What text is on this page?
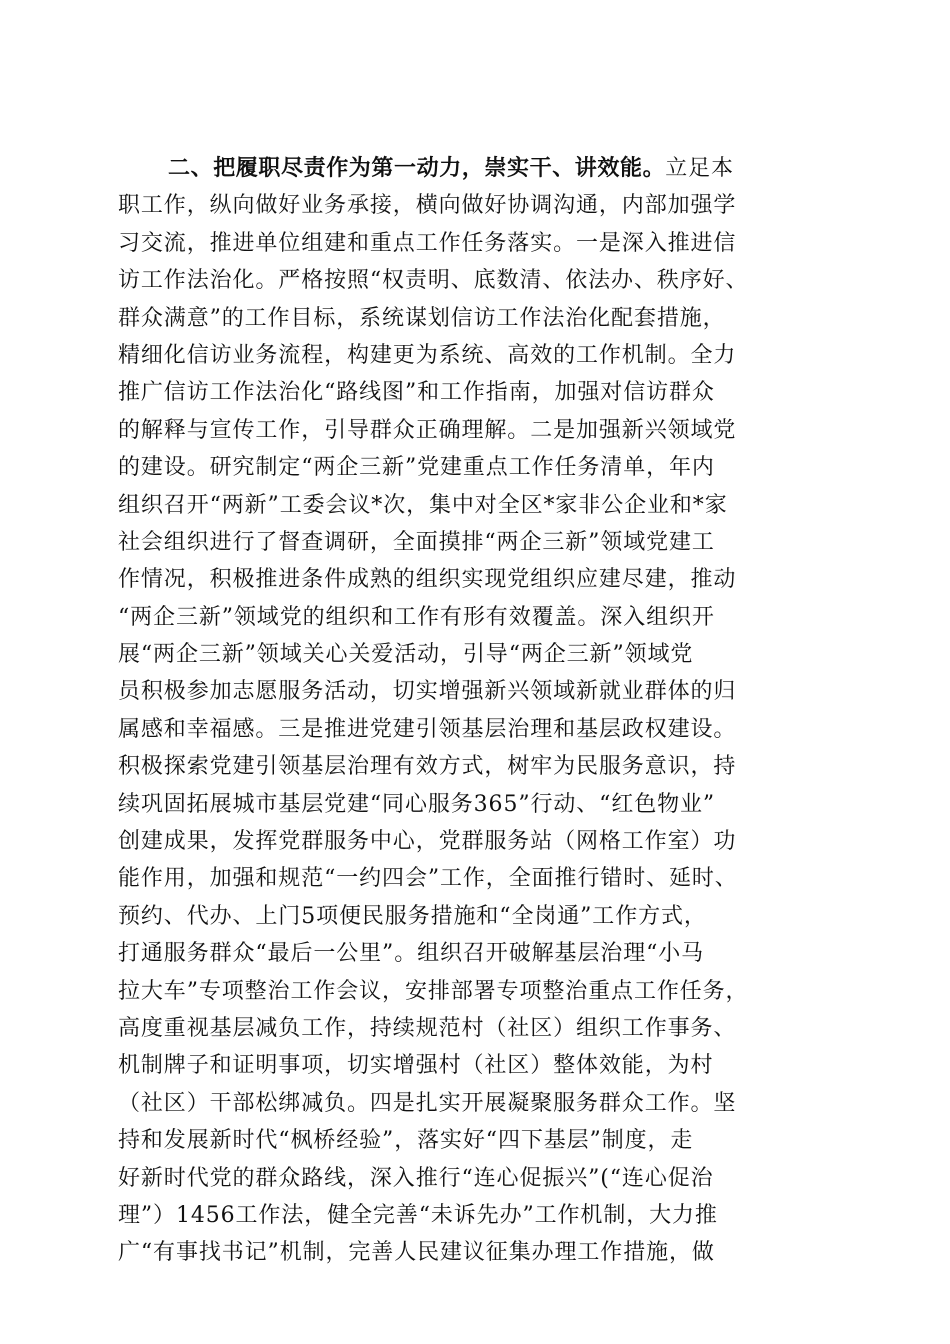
二、把履职尽责作为第一动力，崇实干、讲效能。立足本
职工作，纵向做好业务承接，横向做好协调沟通，内部加强学
习交流，推进单位组建和重点工作任务落实。一是深入推进信
访工作法治化。严格按照“权责明、底数清、依法办、秩序好、
群众满意”的工作目标，系统谋划信访工作法治化配套措施，
精细化信访业务流程，构建更为系统、高效的工作机制。全力
推广信访工作法治化“路线图”和工作指南，加强对信访群众
的解释与宣传工作，引导群众正确理解。二是加强新兴领域党
的建设。研究制定“两企三新”党建重点工作任务清单，年内
组织召开“两新”工委会议*次，集中对全区*家非公企业和*家
社会组织进行了督查调研，全面摸排“两企三新”领域党建工
作情况，积极推进条件成熟的组织实现党组织应建尽建，推动
“两企三新”领域党的组织和工作有形有效覆盖。深入组织开
展“两企三新”领域关心关爱活动，引导“两企三新”领域党
员积极参加志愿服务活动，切实增强新兴领域新就业群体的归
属感和幸福感。三是推进党建引领基层治理和基层政权建设。
积极探索党建引领基层治理有效方式，树牢为民服务意识，持
续巩固拓展城市基层党建“同心服务365”行动、“红色物业”
创建成果，发挥党群服务中心，党群服务站（网格工作室）功
能作用，加强和规范“一约四会”工作，全面推行错时、延时、
预约、代办、上门5项便民服务措施和“全岗通”工作方式，
打通服务群众“最后一公里”。组织召开破解基层治理“小马
拉大车”专项整治工作会议，安排部署专项整治重点工作任务，
高度重视基层减负工作，持续规范村（社区）组织工作事务、
机制牌子和证明事项，切实增强村（社区）整体效能，为村
（社区）干部松绑减负。四是扎实开展凝聚服务群众工作。坚
持和发展新时代“枫桥经验”，落实好“四下基层”制度，走
好新时代党的群众路线，深入推行“连心促振兴”(“连心促治
理”）1456工作法，健全完善“未诉先办”工作机制，大力推
广“有事找书记”机制，完善人民建议征集办理工作措施，做
